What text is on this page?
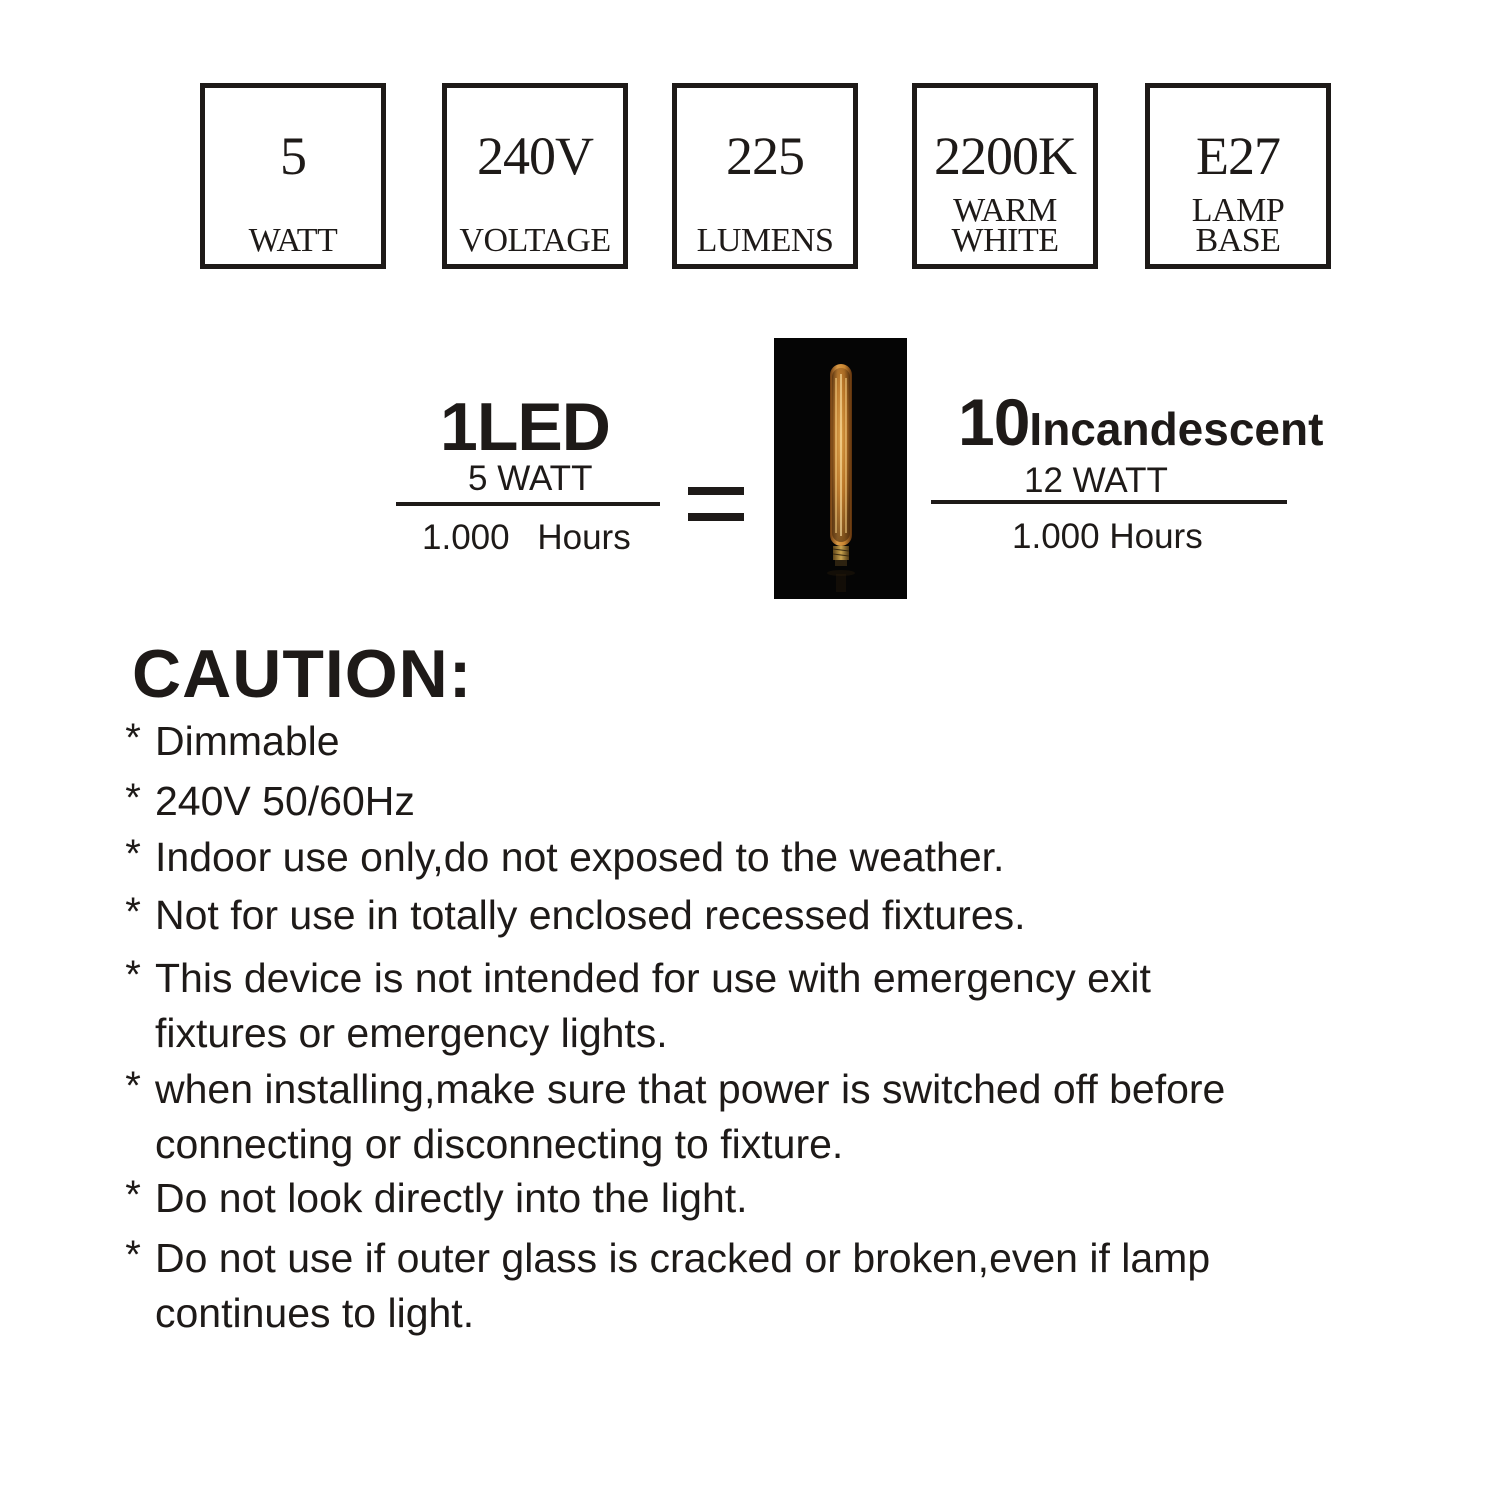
5
WATT
240V
VOLTAGE
225
LUMENS
2200K
WARM
WHITE
E27
LAMP
BASE
1LED
5 WATT
1.000 Hours
10Incandescent
12 WATT
1.000 Hours
CAUTION:
* Dimmable
* 240V 50/60Hz
* Indoor use only,do not exposed to the weather.
* Not for use in totally enclosed recessed fixtures.
* This device is not intended for use with emergency exit
fixtures or emergency lights.
* when installing,make sure that power is switched off before
connecting or disconnecting to fixture.
* Do not look directly into the light.
* Do not use if outer glass is cracked or broken,even if lamp
continues to light.
